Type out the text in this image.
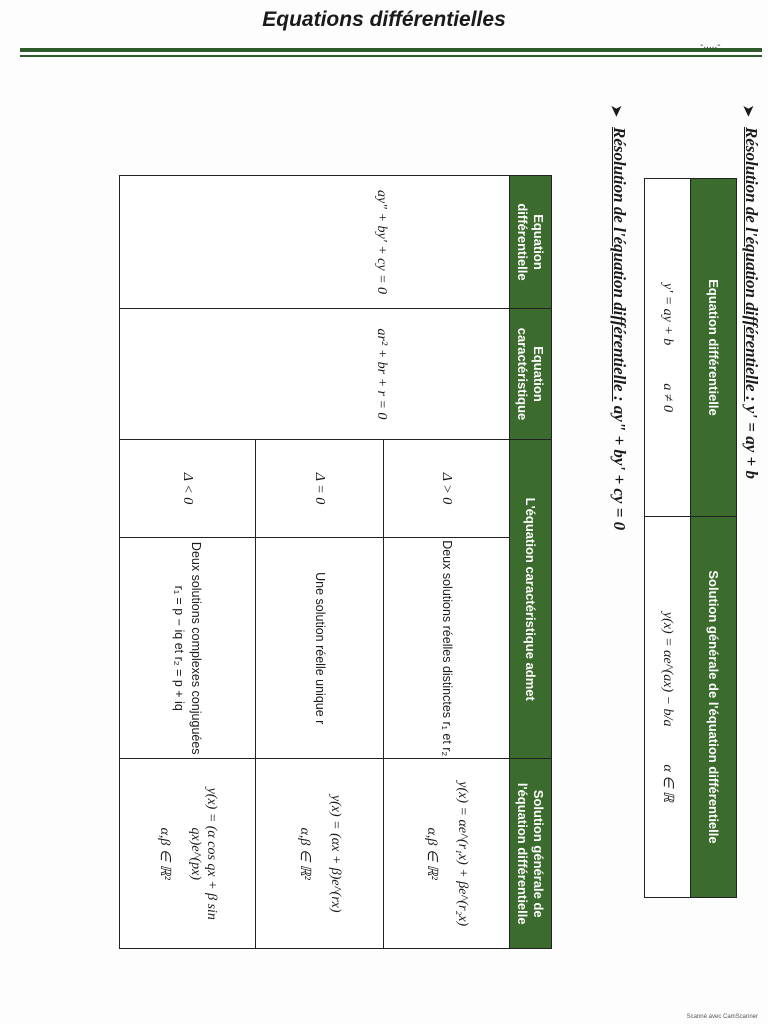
Equations différentielles
-.....-
➤
Résolution de l'équation différentielle : y' = ay + b
Equation différentielle	Solution générale de l'équation différentielle
y' = ay + ba ≠ 0	y(x) = αe^(ax) − b/aα ∈ ℝ
➤
Résolution de l'équation différentielle : ay" + by' + cy = 0
Equation différentielle	Equation caractéristique	L'équation caractéristique admet		Solution générale de l'équation différentielle
ay" + by' + cy = 0	ar² + br + r = 0	Δ > 0	Deux solutions réelles distinctes r₁ et r₂	y(x) = αe^(r₁x) + βe^(r₂x)
α,β ∈ ℝ²

		Δ = 0	Une solution réelle unique r	y(x) = (αx + β)e^(rx)
α,β ∈ ℝ²

		Δ < 0	Deux solutions complexes conjuguées r₁ = p − iq et r₂ = p + iq	y(x) = (α cos qx + β sin qx)e^(px)
α,β ∈ ℝ²
Scanné avec CamScanner
